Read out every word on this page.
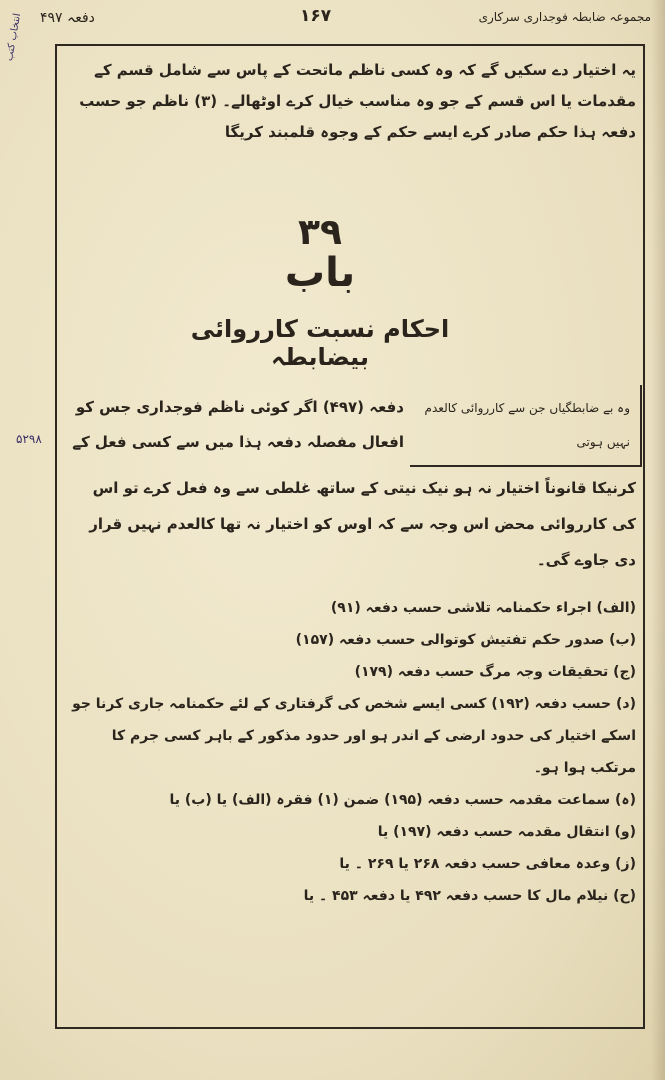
مجموعہ ضابطہ فوجداری سرکاری
۱۶۷
دفعہ ۴۹۷
انتخاب کتب
۵۲۹۸
یہ اختیار دے سکیں گے کہ وہ کسی ناظم ماتحت کے پاس سے شامل قسم کے مقدمات یا اس قسم کے جو وہ مناسب خیال کرے اوٹھالے۔ (۳) ناظم جو حسب دفعہ ہذا حکم صادر کرے ایسے حکم کے وجوہ قلمبند کریگا
۳۹
باب
احکام نسبت کارروائی بیضابطہ
وہ بے ضابطگیاں جن سے کارروائی کالعدم نہیں ہوتی
دفعہ (۴۹۷) اگر کوئی ناظم فوجداری جس کو افعال مفصلہ دفعہ ہذا میں سے کسی فعل کے
کرنیکا قانوناً اختیار نہ ہو نیک نیتی کے ساتھ غلطی سے وہ فعل کرے تو اس کی کارروائی محض اس وجہ سے کہ اوس کو اختیار نہ تھا کالعدم نہیں قرار دی جاوے گی۔
(الف) اجراء حکمنامہ تلاشی حسب دفعہ (۹۱)
(ب) صدور حکم تفتیش کوتوالی حسب دفعہ (۱۵۷)
(ج) تحقیقات وجہ مرگ حسب دفعہ (۱۷۹)
(د) حسب دفعہ (۱۹۲) کسی ایسے شخص کی گرفتاری کے لئے حکمنامہ جاری کرنا جو اسکے اختیار کی حدود ارضی کے اندر ہو اور حدود مذکور کے باہر کسی جرم کا مرتکب ہوا ہو۔
(ہ) سماعت مقدمہ حسب دفعہ (۱۹۵) ضمن (۱) فقرہ (الف) یا (ب) یا
(و) انتقال مقدمہ حسب دفعہ (۱۹۷) یا
(ز) وعدہ معافی حسب دفعہ ۲۶۸ یا ۲۶۹ ۔ یا
(ح) نیلام مال کا حسب دفعہ ۴۹۲ یا دفعہ ۴۵۳ ۔ یا
